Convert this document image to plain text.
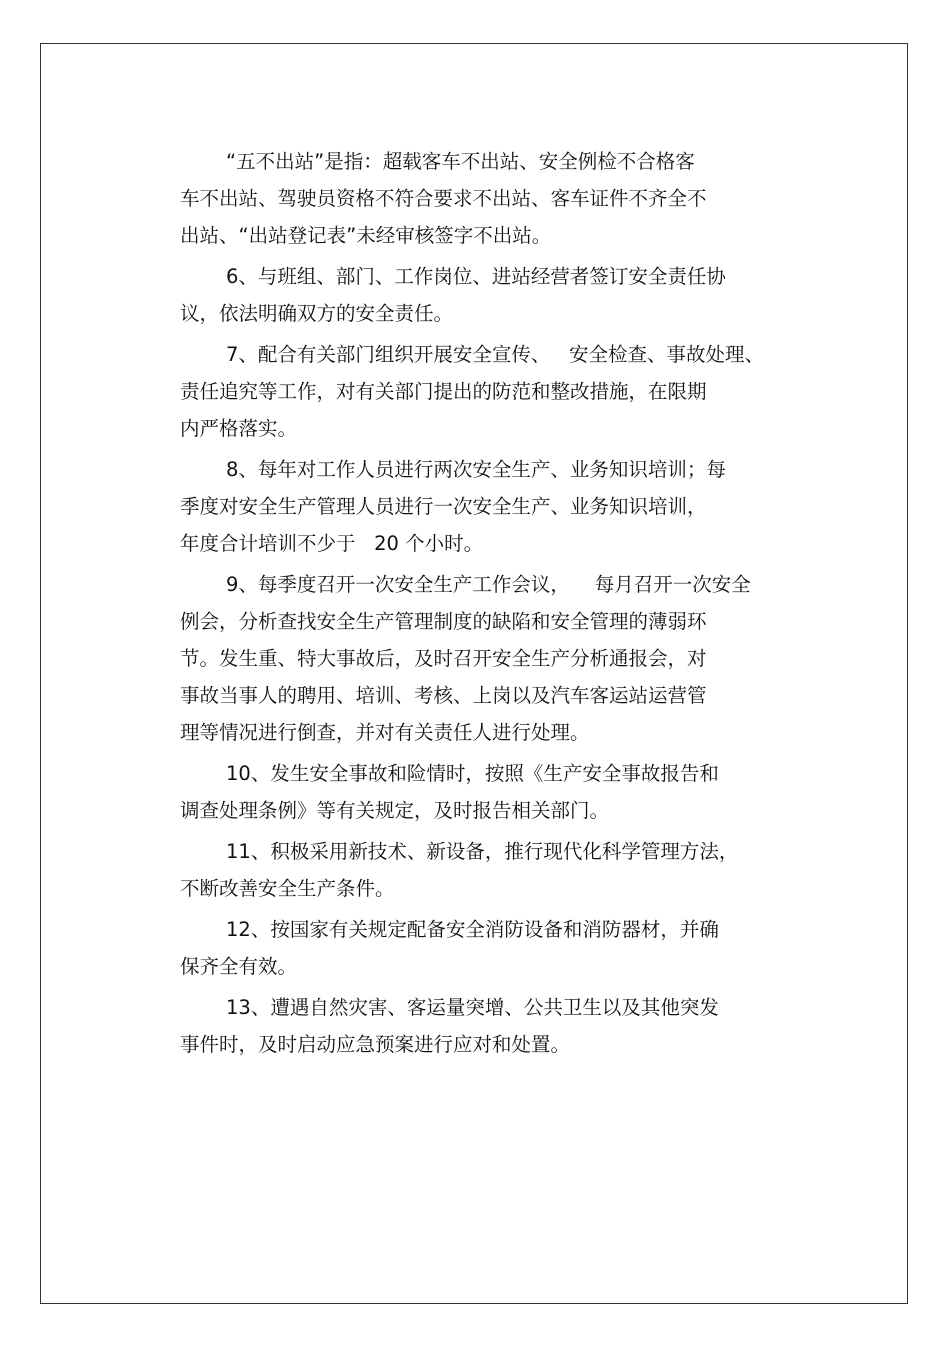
“五不出站”是指：超载客车不出站、安全例检不合格客
车不出站、驾驶员资格不符合要求不出站、客车证件不齐全不
出站、“出站登记表”未经审核签字不出站。
6、与班组、部门、工作岗位、进站经营者签订安全责任协
议，依法明确双方的安全责任。
7、配合有关部门组织开展安全宣传、   安全检查、事故处理、
责任追究等工作，对有关部门提出的防范和整改措施，在限期
内严格落实。
8、每年对工作人员进行两次安全生产、业务知识培训；每
季度对安全生产管理人员进行一次安全生产、业务知识培训，
年度合计培训不少于   20 个小时。
9、每季度召开一次安全生产工作会议，    每月召开一次安全
例会，分析查找安全生产管理制度的缺陷和安全管理的薄弱环
节。发生重、特大事故后，及时召开安全生产分析通报会，对
事故当事人的聘用、培训、考核、上岗以及汽车客运站运营管
理等情况进行倒查，并对有关责任人进行处理。
10、发生安全事故和险情时，按照《生产安全事故报告和
调查处理条例》等有关规定，及时报告相关部门。
11、积极采用新技术、新设备，推行现代化科学管理方法，
不断改善安全生产条件。
12、按国家有关规定配备安全消防设备和消防器材，并确
保齐全有效。
13、遭遇自然灾害、客运量突增、公共卫生以及其他突发
事件时，及时启动应急预案进行应对和处置。
